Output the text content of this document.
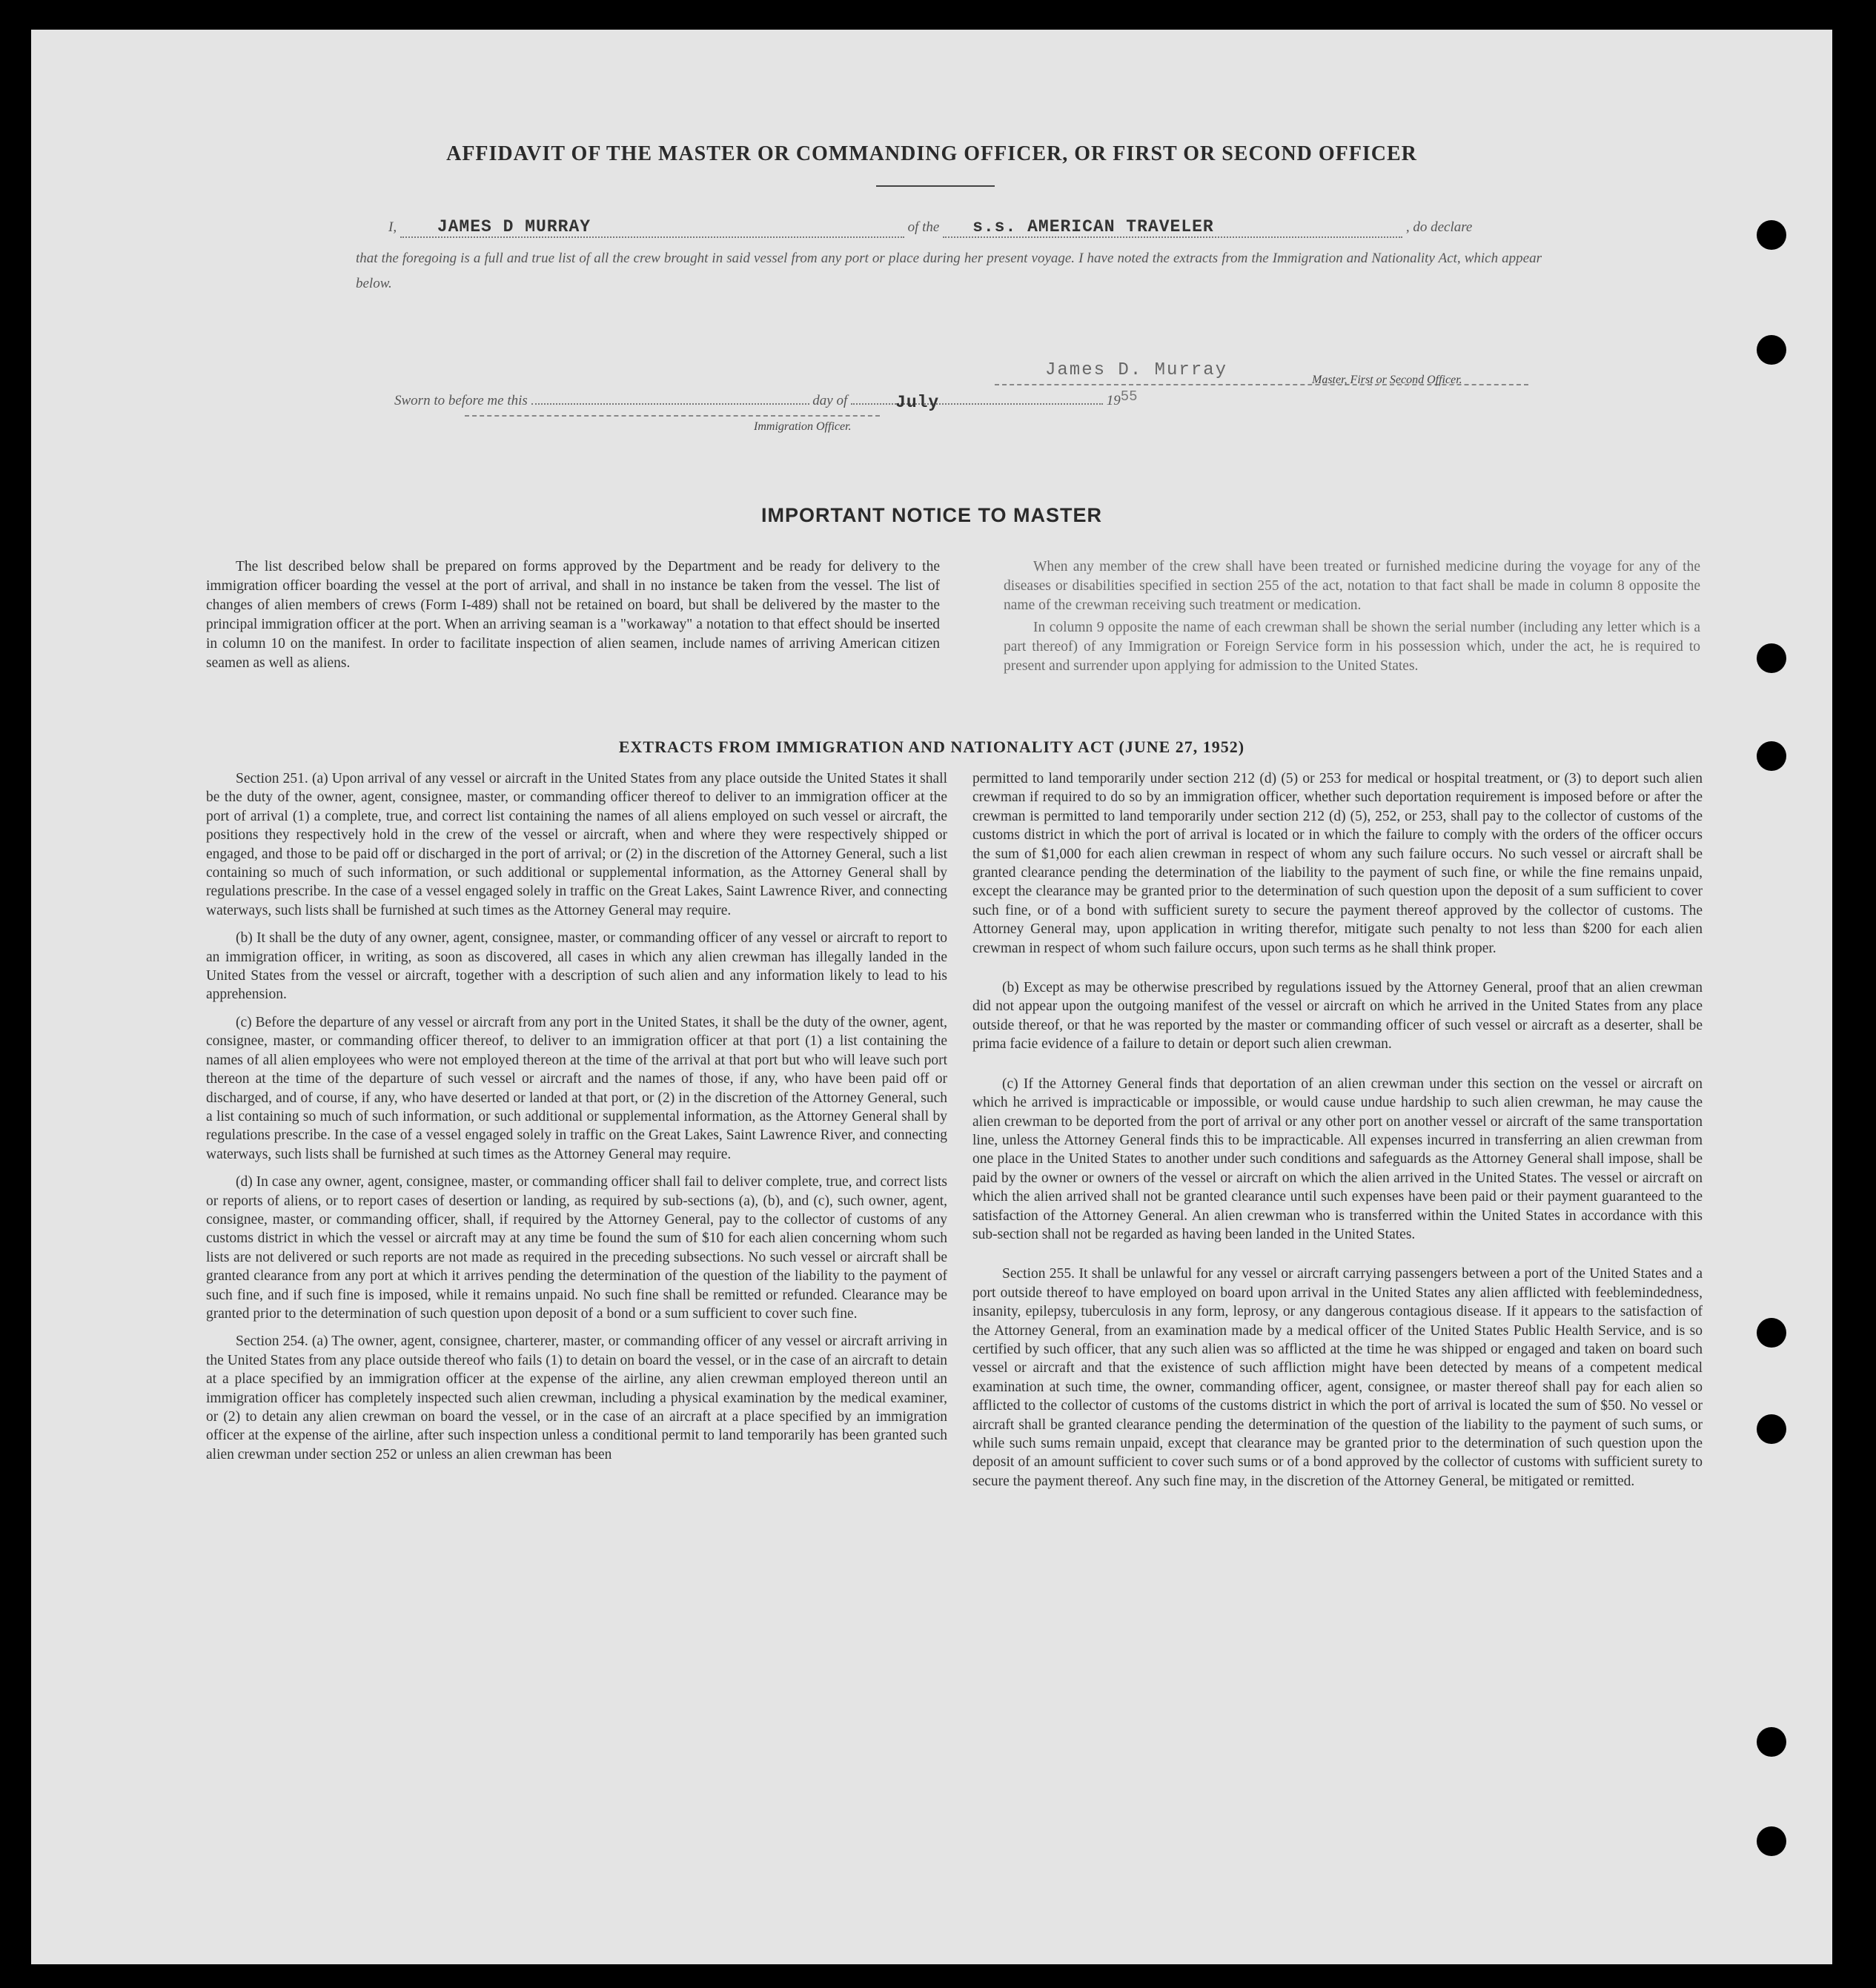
AFFIDAVIT OF THE MASTER OR COMMANDING OFFICER, OR FIRST OR SECOND OFFICER
I, JAMES D MURRAY	of the s.s. AMERICAN TRAVELER	, do declare
that the foregoing is a full and true list of all the crew brought in said vessel from any port or place during her present voyage. I have noted the extracts from the Immigration and Nationality Act, which appear below.
James D. Murray	Master, First or Second Officer.
Sworn to before me this	day of	July	1955
Immigration Officer.
IMPORTANT NOTICE TO MASTER

The list described below shall be prepared on forms approved by the Department and be ready for delivery to the immigration officer boarding the vessel at the port of arrival, and shall in no instance be taken from the vessel. The list of changes of alien members of crews (Form I-489) shall not be retained on board, but shall be delivered by the master to the principal immigration officer at the port. When an arriving seaman is a "workaway" a notation to that effect should be inserted in column 10 on the manifest. In order to facilitate inspection of alien seamen, include names of arriving American citizen seamen as well as aliens.

When any member of the crew shall have been treated or furnished medicine during the voyage for any of the diseases or disabilities specified in section 255 of the act, notation to that fact shall be made in column 8 opposite the name of the crewman receiving such treatment or medication.

In column 9 opposite the name of each crewman shall be shown the serial number (including any letter which is a part thereof) of any Immigration or Foreign Service form in his possession which, under the act, he is required to present and surrender upon applying for admission to the United States.

EXTRACTS FROM IMMIGRATION AND NATIONALITY ACT (JUNE 27, 1952)

Section 251. (a) Upon arrival of any vessel or aircraft in the United States from any place outside the United States it shall be the duty of the owner, agent, consignee, master, or commanding officer thereof to deliver to an immigration officer at the port of arrival (1) a complete, true, and correct list containing the names of all aliens employed on such vessel or aircraft, the positions they respectively hold in the crew of the vessel or aircraft, when and where they were respectively shipped or engaged, and those to be paid off or discharged in the port of arrival; or (2) in the discretion of the Attorney General, such a list containing so much of such information, or such additional or supplemental information, as the Attorney General shall by regulations prescribe. In the case of a vessel engaged solely in traffic on the Great Lakes, Saint Lawrence River, and connecting waterways, such lists shall be furnished at such times as the Attorney General may require.

(b) It shall be the duty of any owner, agent, consignee, master, or commanding officer of any vessel or aircraft to report to an immigration officer, in writing, as soon as discovered, all cases in which any alien crewman has illegally landed in the United States from the vessel or aircraft, together with a description of such alien and any information likely to lead to his apprehension.

(c) Before the departure of any vessel or aircraft from any port in the United States, it shall be the duty of the owner, agent, consignee, master, or commanding officer thereof, to deliver to an immigration officer at that port (1) a list containing the names of all alien employees who were not employed thereon at the time of the arrival at that port but who will leave such port thereon at the time of the departure of such vessel or aircraft and the names of those, if any, who have been paid off or discharged, and of course, if any, who have deserted or landed at that port, or (2) in the discretion of the Attorney General, such a list containing so much of such information, or such additional or supplemental information, as the Attorney General shall by regulations prescribe. In the case of a vessel engaged solely in traffic on the Great Lakes, Saint Lawrence River, and connecting waterways, such lists shall be furnished at such times as the Attorney General may require.

(d) In case any owner, agent, consignee, master, or commanding officer shall fail to deliver complete, true, and correct lists or reports of aliens, or to report cases of desertion or landing, as required by sub-sections (a), (b), and (c), such owner, agent, consignee, master, or commanding officer, shall, if required by the Attorney General, pay to the collector of customs of any customs district in which the vessel or aircraft may at any time be found the sum of $10 for each alien concerning whom such lists are not delivered or such reports are not made as required in the preceding subsections. No such vessel or aircraft shall be granted clearance from any port at which it arrives pending the determination of the question of the liability to the payment of such fine, and if such fine is imposed, while it remains unpaid. No such fine shall be remitted or refunded. Clearance may be granted prior to the determination of such question upon deposit of a bond or a sum sufficient to cover such fine.

Section 254. (a) The owner, agent, consignee, charterer, master, or commanding officer of any vessel or aircraft arriving in the United States from any place outside thereof who fails (1) to detain on board the vessel, or in the case of an aircraft to detain at a place specified by an immigration officer at the expense of the airline, any alien crewman employed thereon until an immigration officer has completely inspected such alien crewman, including a physical examination by the medical examiner, or (2) to detain any alien crewman on board the vessel, or in the case of an aircraft at a place specified by an immigration officer at the expense of the airline, after such inspection unless a conditional permit to land temporarily has been granted such alien crewman under section 252 or unless an alien crewman has been

permitted to land temporarily under section 212 (d) (5) or 253 for medical or hospital treatment, or (3) to deport such alien crewman if required to do so by an immigration officer, whether such deportation requirement is imposed before or after the crewman is permitted to land temporarily under section 212 (d) (5), 252, or 253, shall pay to the collector of customs of the customs district in which the port of arrival is located or in which the failure to comply with the orders of the officer occurs the sum of $1,000 for each alien crewman in respect of whom any such failure occurs. No such vessel or aircraft shall be granted clearance pending the determination of the liability to the payment of such fine, or while the fine remains unpaid, except the clearance may be granted prior to the determination of such question upon the deposit of a sum sufficient to cover such fine, or of a bond with sufficient surety to secure the payment thereof approved by the collector of customs. The Attorney General may, upon application in writing therefor, mitigate such penalty to not less than $200 for each alien crewman in respect of whom such failure occurs, upon such terms as he shall think proper.

(b) Except as may be otherwise prescribed by regulations issued by the Attorney General, proof that an alien crewman did not appear upon the outgoing manifest of the vessel or aircraft on which he arrived in the United States from any place outside thereof, or that he was reported by the master or commanding officer of such vessel or aircraft as a deserter, shall be prima facie evidence of a failure to detain or deport such alien crewman.

(c) If the Attorney General finds that deportation of an alien crewman under this section on the vessel or aircraft on which he arrived is impracticable or impossible, or would cause undue hardship to such alien crewman, he may cause the alien crewman to be deported from the port of arrival or any other port on another vessel or aircraft of the same transportation line, unless the Attorney General finds this to be impracticable. All expenses incurred in transferring an alien crewman from one place in the United States to another under such conditions and safeguards as the Attorney General shall impose, shall be paid by the owner or owners of the vessel or aircraft on which the alien arrived in the United States. The vessel or aircraft on which the alien arrived shall not be granted clearance until such expenses have been paid or their payment guaranteed to the satisfaction of the Attorney General. An alien crewman who is transferred within the United States in accordance with this sub-section shall not be regarded as having been landed in the United States.

Section 255. It shall be unlawful for any vessel or aircraft carrying passengers between a port of the United States and a port outside thereof to have employed on board upon arrival in the United States any alien afflicted with feeblemindedness, insanity, epilepsy, tuberculosis in any form, leprosy, or any dangerous contagious disease. If it appears to the satisfaction of the Attorney General, from an examination made by a medical officer of the United States Public Health Service, and is so certified by such officer, that any such alien was so afflicted at the time he was shipped or engaged and taken on board such vessel or aircraft and that the existence of such affliction might have been detected by means of a competent medical examination at such time, the owner, commanding officer, agent, consignee, or master thereof shall pay for each alien so afflicted to the collector of customs of the customs district in which the port of arrival is located the sum of $50. No vessel or aircraft shall be granted clearance pending the determination of the question of the liability to the payment of such sums, or while such sums remain unpaid, except that clearance may be granted prior to the determination of such question upon the deposit of an amount sufficient to cover such sums or of a bond approved by the collector of customs with sufficient surety to secure the payment thereof. Any such fine may, in the discretion of the Attorney General, be mitigated or remitted.
